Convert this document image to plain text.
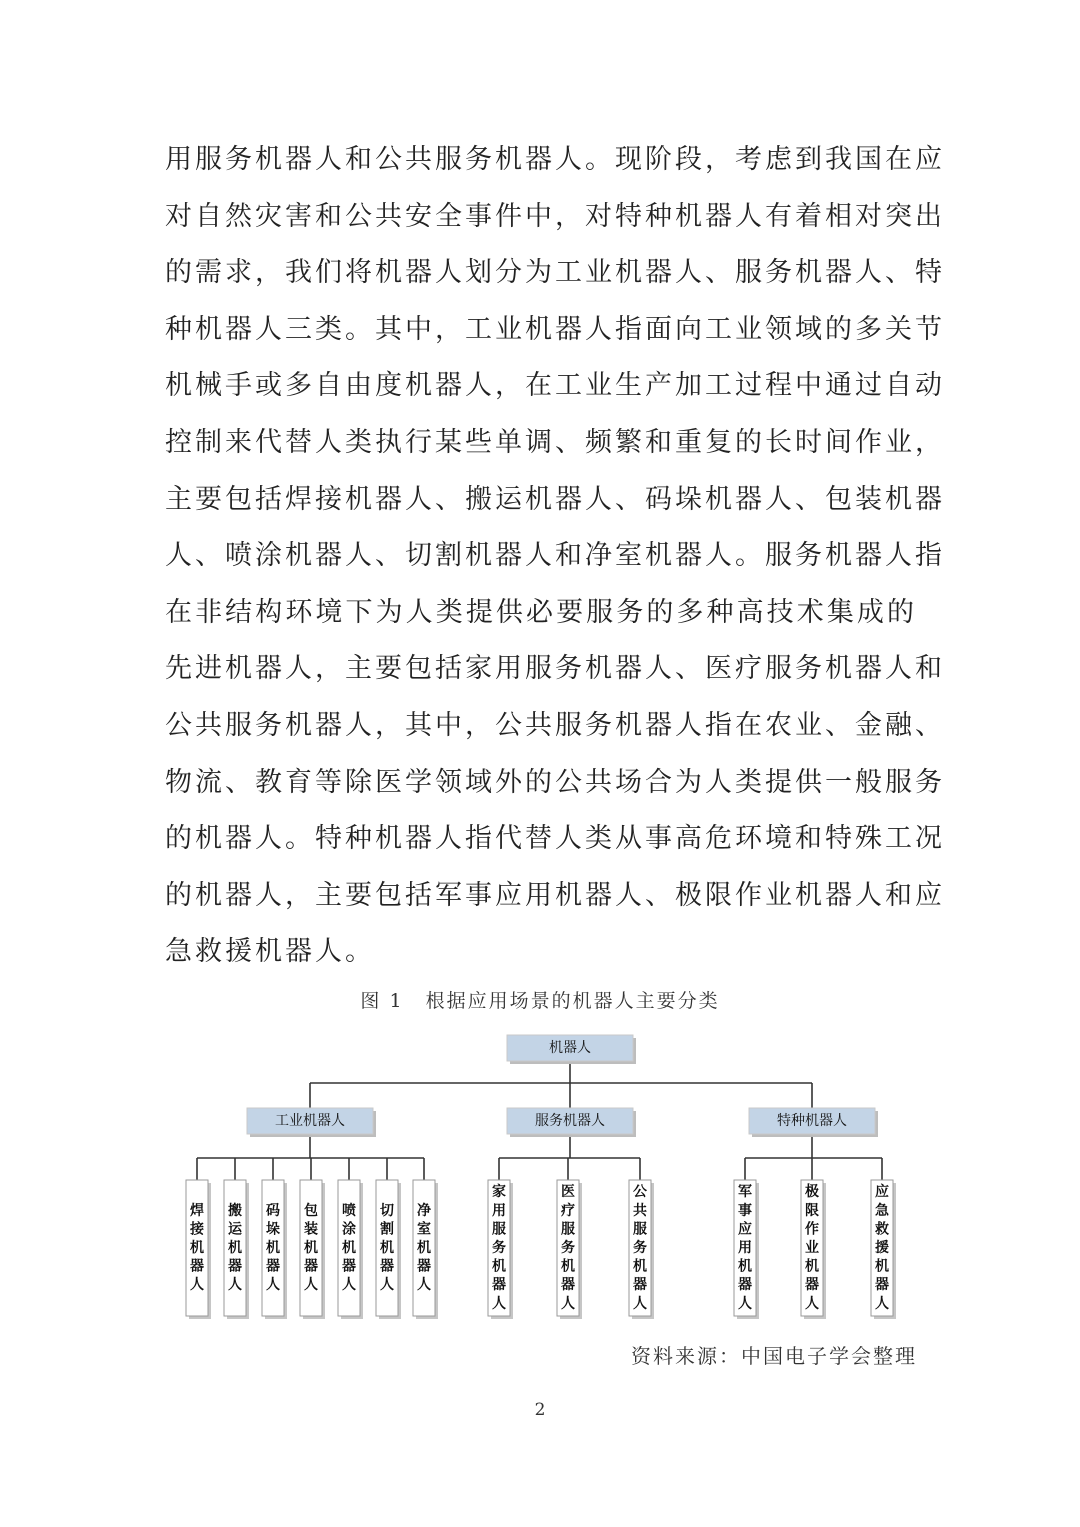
用服务机器人和公共服务机器人。现阶段，考虑到我国在应
对自然灾害和公共安全事件中，对特种机器人有着相对突出
的需求，我们将机器人划分为工业机器人、服务机器人、特
种机器人三类。其中，工业机器人指面向工业领域的多关节
机械手或多自由度机器人，在工业生产加工过程中通过自动
控制来代替人类执行某些单调、频繁和重复的长时间作业，
主要包括焊接机器人、搬运机器人、码垛机器人、包装机器
人、喷涂机器人、切割机器人和净室机器人。服务机器人指
在非结构环境下为人类提供必要服务的多种高技术集成的
先进机器人，主要包括家用服务机器人、医疗服务机器人和
公共服务机器人，其中，公共服务机器人指在农业、金融、
物流、教育等除医学领域外的公共场合为人类提供一般服务
的机器人。特种机器人指代替人类从事高危环境和特殊工况
的机器人，主要包括军事应用机器人、极限作业机器人和应
急救援机器人。
图 1 根据应用场景的机器人主要分类
机器人
工业机器人
焊接机器人
搬运机器人
码垛机器人
包装机器人
喷涂机器人
切割机器人
净室机器人
服务机器人
家用服务机器人
医疗服务机器人
公共服务机器人
特种机器人
军事应用机器人
极限作业机器人
应急救援机器人
资料来源：中国电子学会整理
2
